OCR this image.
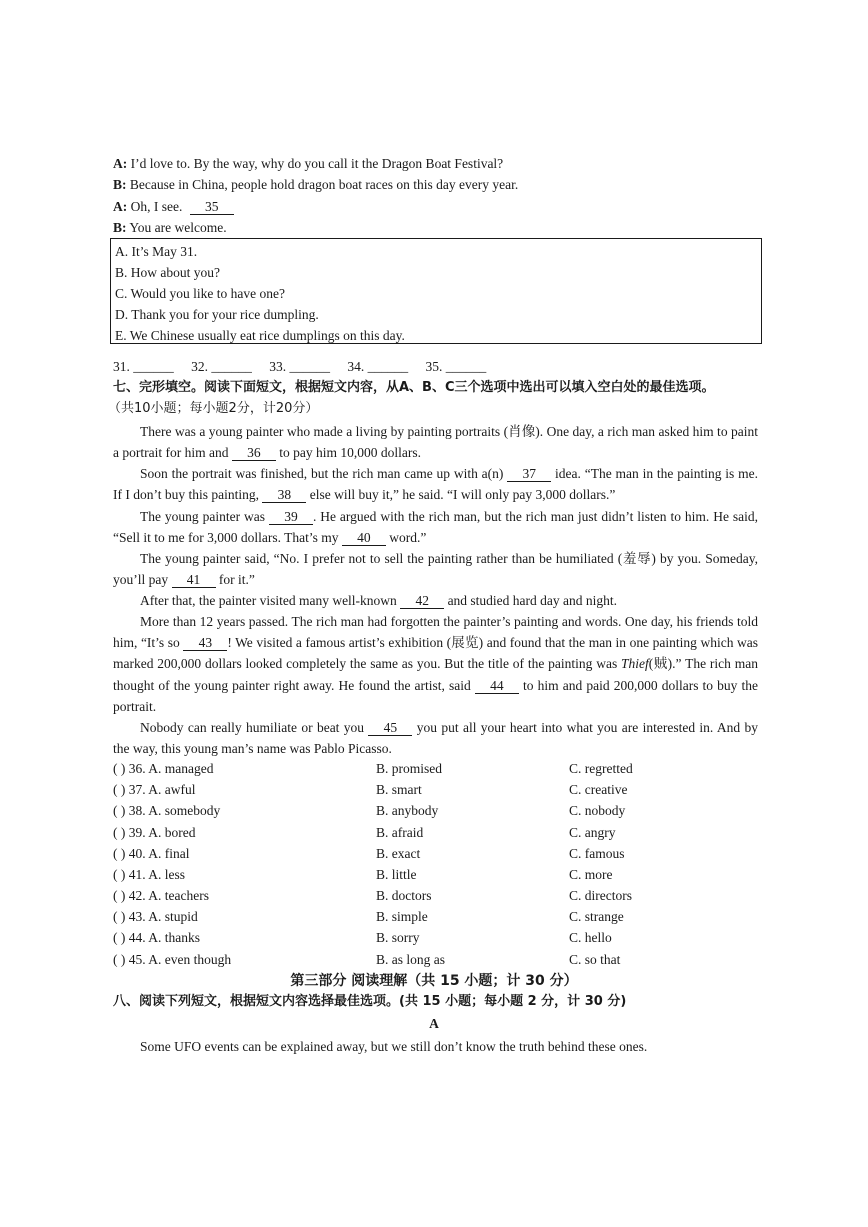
A: I’d love to. By the way, why do you call it the Dragon Boat Festival?
B: Because in China, people hold dragon boat races on this day every year.
A: Oh, I see. 35
B: You are welcome.
A. It’s May 31.
B. How about you?
C. Would you like to have one?
D. Thank you for your rice dumpling.
E. We Chinese usually eat rice dumplings on this day.
31. ______ 32. ______ 33. ______ 34. ______ 35. ______
七、完形填空。阅读下面短文，根据短文内容，从A、B、C三个选项中选出可以填入空白处的最佳选项。
（共10小题；每小题2分，计20分）
There was a young painter who made a living by painting portraits (肖像). One day, a rich man asked him to paint a portrait for him and 36 to pay him 10,000 dollars.
Soon the portrait was finished, but the rich man came up with a(n) 37 idea. “The man in the painting is me. If I don’t buy this painting, 38 else will buy it,” he said. “I will only pay 3,000 dollars.”
The young painter was 39 . He argued with the rich man, but the rich man just didn’t listen to him. He said, “Sell it to me for 3,000 dollars. That’s my 40 word.”
The young painter said, “No. I prefer not to sell the painting rather than be humiliated (羞辱) by you. Someday, you’ll pay 41 for it.”
After that, the painter visited many well-known 42 and studied hard day and night.
More than 12 years passed. The rich man had forgotten the painter’s painting and words. One day, his friends told him, “It’s so 43 ! We visited a famous artist’s exhibition (展览) and found that the man in one painting which was marked 200,000 dollars looked completely the same as you. But the title of the painting was Thief(贼).” The rich man thought of the young painter right away. He found the artist, said 44 to him and paid 200,000 dollars to buy the portrait.
Nobody can really humiliate or beat you 45 you put all your heart into what you are interested in. And by the way, this young man’s name was Pablo Picasso.
( ) 36. A. managed	B. promised	C. regretted
( ) 37. A. awful	B. smart	C. creative
( ) 38. A. somebody	B. anybody	C. nobody
( ) 39. A. bored	B. afraid	C. angry
( ) 40. A. final	B. exact	C. famous
( ) 41. A. less	B. little	C. more
( ) 42. A. teachers	B. doctors	C. directors
( ) 43. A. stupid	B. simple	C. strange
( ) 44. A. thanks	B. sorry	C. hello
( ) 45. A. even though	B. as long as	C. so that
第三部分 阅读理解（共 15 小题；计 30 分）
八、阅读下列短文，根据短文内容选择最佳选项。(共 15 小题；每小题 2 分，计 30 分)
A
Some UFO events can be explained away, but we still don’t know the truth behind these ones.
